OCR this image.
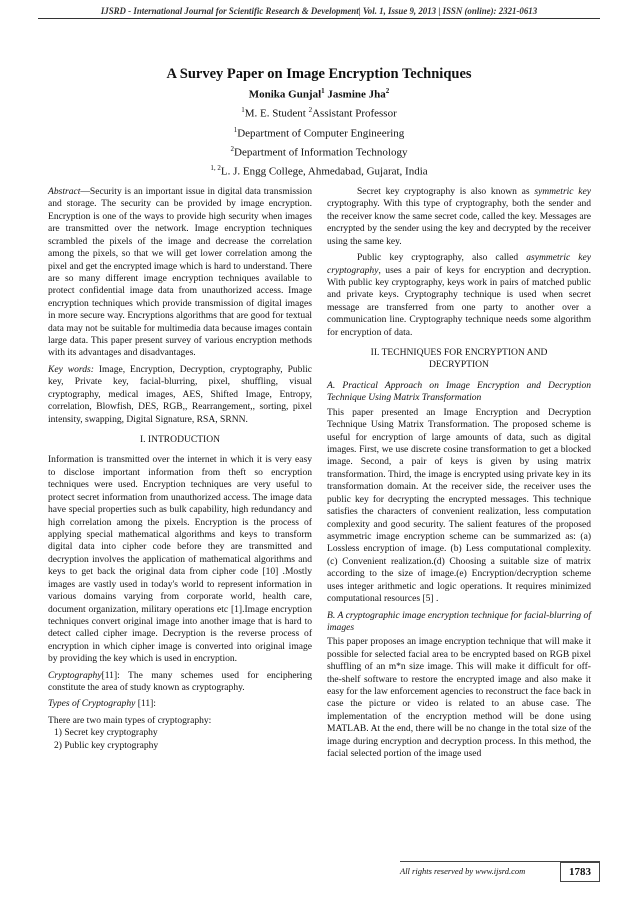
IJSRD - International Journal for Scientific Research & Development| Vol. 1, Issue 9, 2013 | ISSN (online): 2321-0613
A Survey Paper on Image Encryption Techniques
Monika Gunjal$^1$ Jasmine Jha$^2$
$^1$M. E. Student $^2$Assistant Professor
$^1$Department of Computer Engineering
$^2$Department of Information Technology
$^{1, 2}$L. J. Engg College, Ahmedabad, Gujarat, India

Abstract—Security is an important issue in digital data transmission and storage. The security can be provided by image encryption. Encryption is one of the ways to provide high security when images are transmitted over the network. Image encryption techniques scrambled the pixels of the image and decrease the correlation among the pixels, so that we will get lower correlation among the pixel and get the encrypted image which is hard to understand. There are so many different image encryption techniques available to protect confidential image data from unauthorized access. Image encryption techniques which provide transmission of digital images in more secure way. Encryptions algorithms that are good for textual data may not be suitable for multimedia data because images contain large data. This paper present survey of various encryption methods with its advantages and disadvantages.

Key words: Image, Encryption, Decryption, cryptography, Public key, Private key, facial-blurring, pixel, shuffling, visual cryptography, medical images, AES, Shifted Image, Entropy, correlation, Blowfish, DES, RGB,, Rearrangement,, sorting, pixel intensity, swapping, Digital Signature, RSA, SRNN.

I. INTRODUCTION

Information is transmitted over the internet in which it is very easy to disclose important information from theft so encryption techniques were used. Encryption techniques are very useful to protect secret information from unauthorized access. The image data have special properties such as bulk capability, high redundancy and high correlation among the pixels. Encryption is the process of applying special mathematical algorithms and keys to transform digital data into cipher code before they are transmitted and decryption involves the application of mathematical algorithms and keys to get back the original data from cipher code [10] .Mostly images are vastly used in today's world to represent information in various domains varying from corporate world, health care, document organization, military operations etc [1].Image encryption techniques convert original image into another image that is hard to detect called cipher image. Decryption is the reverse process of encryption in which cipher image is converted into original image by providing the key which is used in encryption.

Cryptography[11]: The many schemes used for enciphering constitute the area of study known as cryptography.

Types of Cryptography [11]:

There are two main types of cryptography:
1) Secret key cryptography
2) Public key cryptography

Secret key cryptography is also known as symmetric key cryptography. With this type of cryptography, both the sender and the receiver know the same secret code, called the key. Messages are encrypted by the sender using the key and decrypted by the receiver using the same key.

Public key cryptography, also called asymmetric key cryptography, uses a pair of keys for encryption and decryption. With public key cryptography, keys work in pairs of matched public and private keys. Cryptography technique is used when secret message are transferred from one party to another over a communication line. Cryptography technique needs some algorithm for encryption of data.

II. TECHNIQUES FOR ENCRYPTION AND
DECRYPTION
A. Practical Approach on Image Encryption and Decryption Technique Using Matrix Transformation

This paper presented an Image Encryption and Decryption Technique Using Matrix Transformation. The proposed scheme is useful for encryption of large amounts of data, such as digital images. First, we use discrete cosine transformation to get a blocked image. Second, a pair of keys is given by using matrix transformation. Third, the image is encrypted using private key in its transformation domain. At the receiver side, the receiver uses the public key for decrypting the encrypted messages. This technique satisfies the characters of convenient realization, less computation complexity and good security. The salient features of the proposed asymmetric image encryption scheme can be summarized as: (a) Lossless encryption of image. (b) Less computational complexity. (c) Convenient realization.(d) Choosing a suitable size of matrix according to the size of image.(e) Encryption/decryption scheme uses integer arithmetic and logic operations. It requires minimized computational resources [5] .

B. A cryptographic image encryption technique for facial-blurring of images

This paper proposes an image encryption technique that will make it possible for selected facial area to be encrypted based on RGB pixel shuffling of an m*n size image. This will make it difficult for off-the-shelf software to restore the encrypted image and also make it easy for the law enforcement agencies to reconstruct the face back in case the picture or video is related to an abuse case. The implementation of the encryption method will be done using MATLAB. At the end, there will be no change in the total size of the image during encryption and decryption process. In this method, the facial selected portion of the image used

All rights reserved by www.ijsrd.com	1783
